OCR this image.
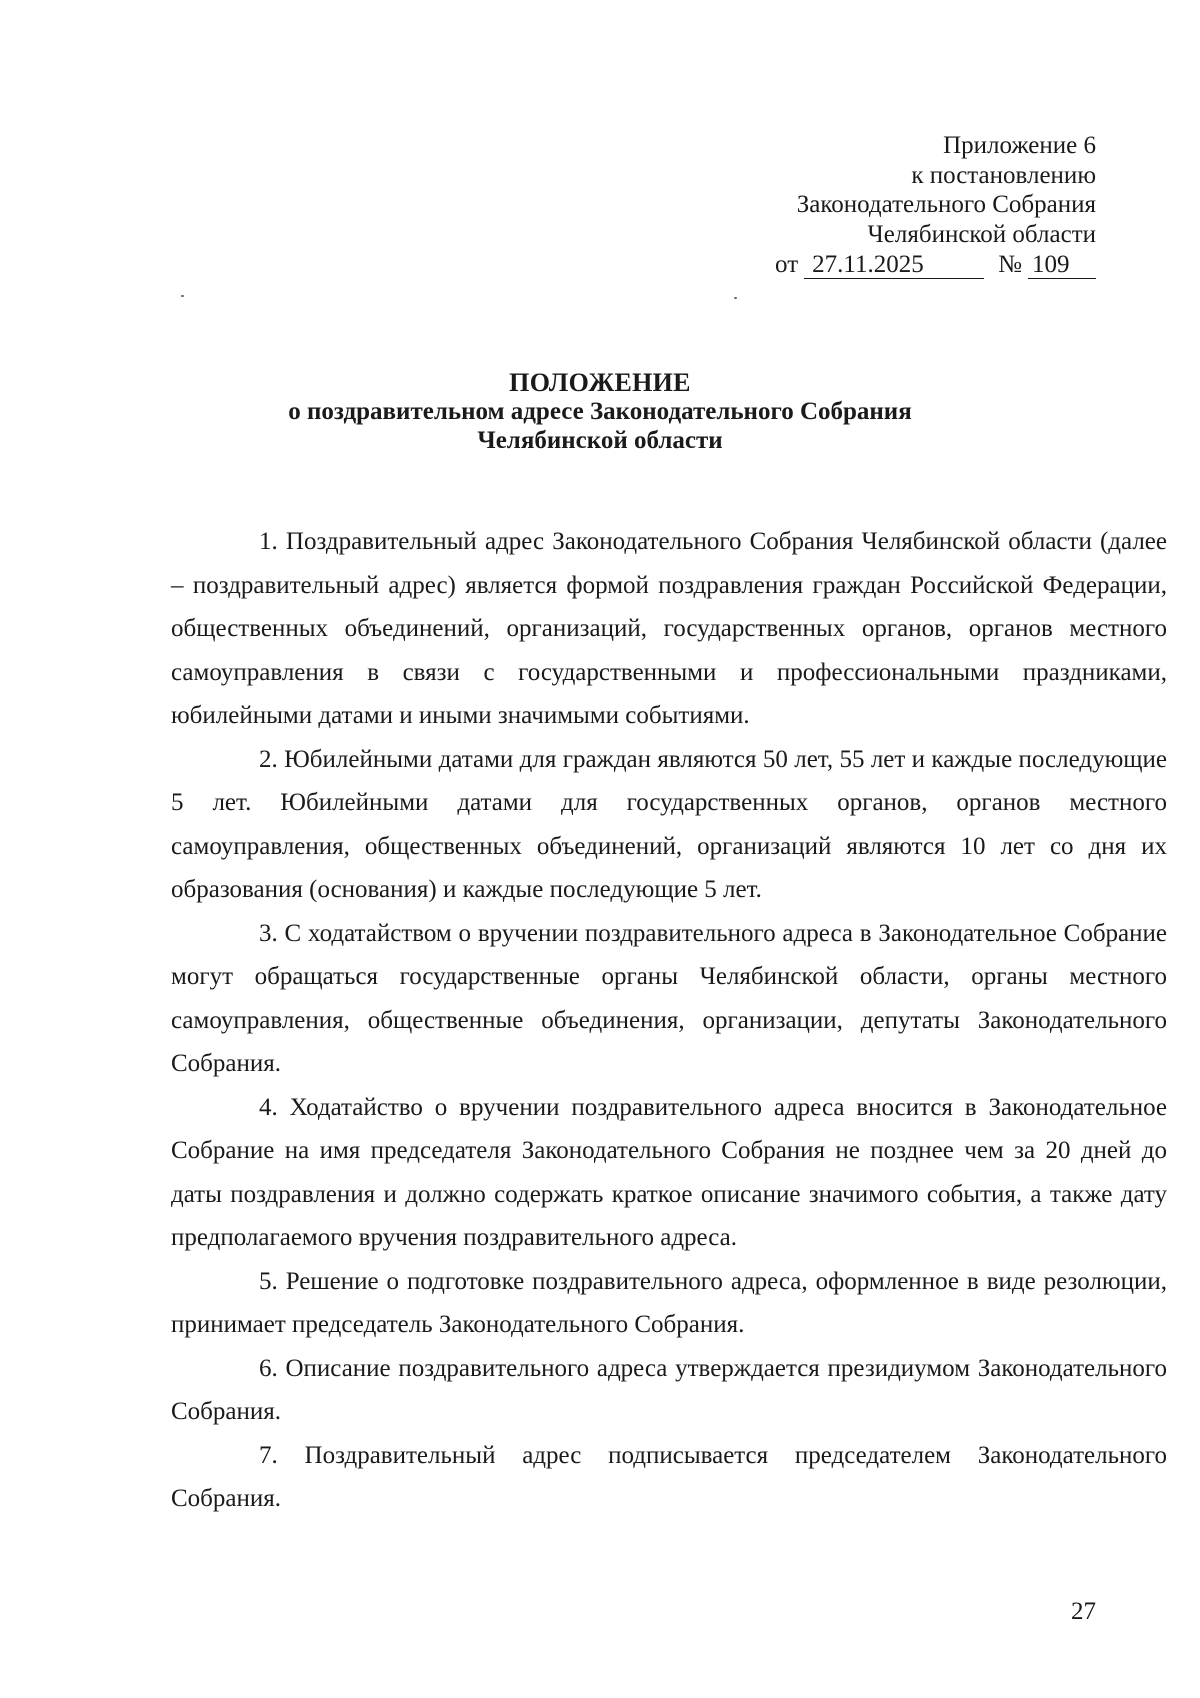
Приложение 6
к постановлению
Законодательного Собрания
Челябинской области
от 27.11.2025	№ 109
ПОЛОЖЕНИЕ
о поздравительном адресе Законодательного Собрания
Челябинской области

1. Поздравительный адрес Законодательного Собрания Челябинской области (далее – поздравительный адрес) является формой поздравления граждан Российской Федерации, общественных объединений, организаций, государственных органов, органов местного самоуправления в связи с государственными и профессиональными праздниками, юбилейными датами и иными значимыми событиями.

2. Юбилейными датами для граждан являются 50 лет, 55 лет и каждые последующие 5 лет. Юбилейными датами для государственных органов, органов местного самоуправления, общественных объединений, организаций являются 10 лет со дня их образования (основания) и каждые последующие 5 лет.

3. С ходатайством о вручении поздравительного адреса в Законодательное Собрание могут обращаться государственные органы Челябинской области, органы местного самоуправления, общественные объединения, организации, депутаты Законодательного Собрания.

4. Ходатайство о вручении поздравительного адреса вносится в Законодательное Собрание на имя председателя Законодательного Собрания не позднее чем за 20 дней до даты поздравления и должно содержать краткое описание значимого события, а также дату предполагаемого вручения поздравительного адреса.

5. Решение о подготовке поздравительного адреса, оформленное в виде резолюции, принимает председатель Законодательного Собрания.

6. Описание поздравительного адреса утверждается президиумом Законодательного Собрания.

7. Поздравительный адрес подписывается председателем Законодательного Собрания.

27
